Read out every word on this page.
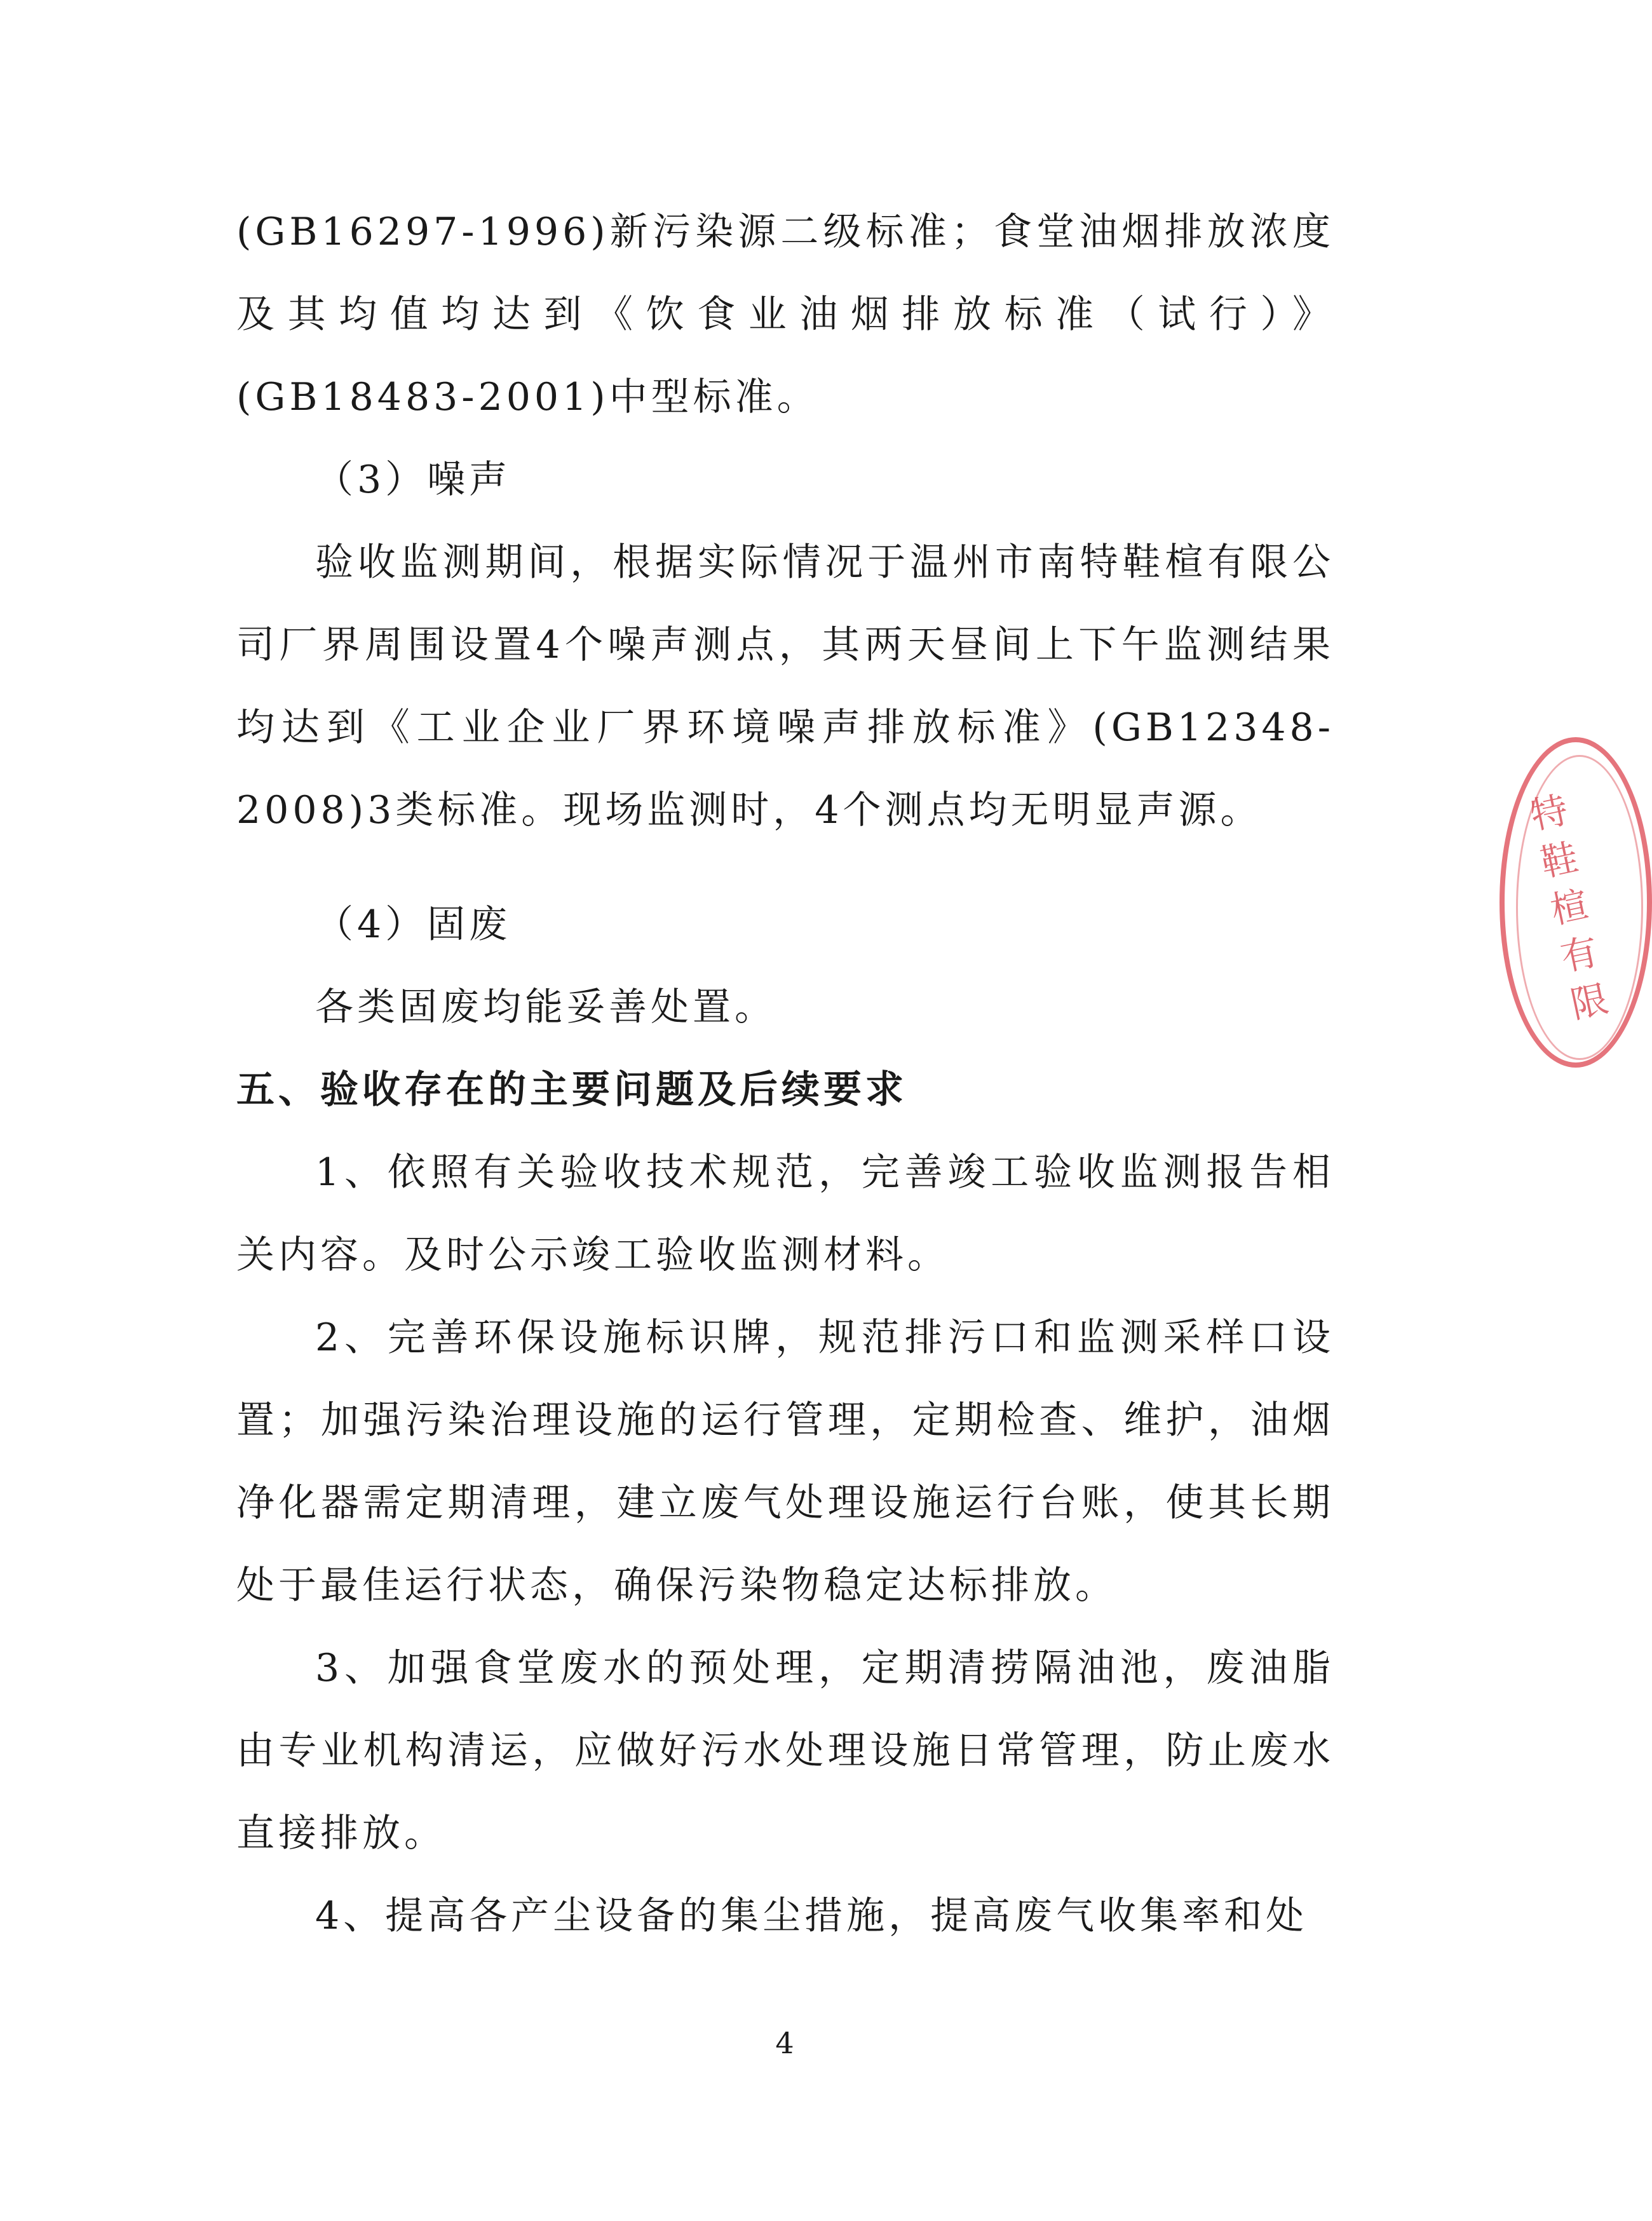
(GB16297-1996)新污染源二级标准；食堂油烟排放浓度及其均值均达到《饮食业油烟排放标准（试行）》(GB18483-2001)中型标准。

（3）噪声

验收监测期间，根据实际情况于温州市南特鞋楦有限公司厂界周围设置4个噪声测点，其两天昼间上下午监测结果均达到《工业企业厂界环境噪声排放标准》(GB12348-2008)3类标准。现场监测时，4个测点均无明显声源。

（4）固废

各类固废均能妥善处置。

五、验收存在的主要问题及后续要求

1、依照有关验收技术规范，完善竣工验收监测报告相关内容。及时公示竣工验收监测材料。

2、完善环保设施标识牌，规范排污口和监测采样口设置；加强污染治理设施的运行管理，定期检查、维护，油烟净化器需定期清理，建立废气处理设施运行台账，使其长期处于最佳运行状态，确保污染物稳定达标排放。

3、加强食堂废水的预处理，定期清捞隔油池，废油脂由专业机构清运，应做好污水处理设施日常管理，防止废水直接排放。

4、提高各产尘设备的集尘措施，提高废气收集率和处

4
特鞋楦有限
